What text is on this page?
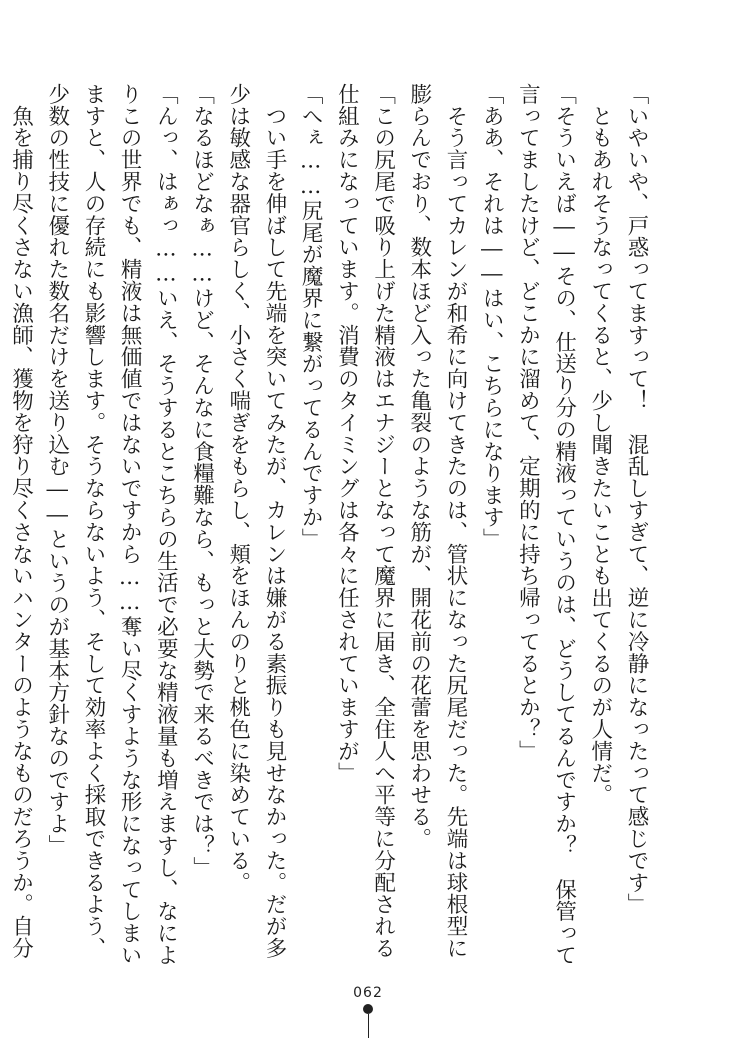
「いやいや、戸惑ってますって！　混乱しすぎて、逆に冷静になったって感じです」
　ともあれそうなってくると、少し聞きたいことも出てくるのが人情だ。
「そういえば――その、仕送り分の精液っていうのは、どうしてるんですか？　保管って
言ってましたけど、どこかに溜めて、定期的に持ち帰ってるとか？」
「ああ、それは――はい、こちらになります」
　そう言ってカレンが和希に向けてきたのは、管状になった尻尾だった。先端は球根型に
膨らんでおり、数本ほど入った亀裂のような筋が、開花前の花蕾を思わせる。
「この尻尾で吸り上げた精液はエナジーとなって魔界に届き、全住人へ平等に分配される
仕組みになっています。消費のタイミングは各々に任されていますが」
「へぇ……尻尾が魔界に繋がってるんですか」
　つい手を伸ばして先端を突いてみたが、カレンは嫌がる素振りも見せなかった。だが多
少は敏感な器官らしく、小さく喘ぎをもらし、頬をほんのりと桃色に染めている。
「なるほどなぁ……けど、そんなに食糧難なら、もっと大勢で来るべきでは？」
「んっ、はぁっ……いえ、そうするとこちらの生活で必要な精液量も増えますし、なによ
りこの世界でも、精液は無価値ではないですから……奪い尽くすような形になってしまい
ますと、人の存続にも影響します。そうならないよう、そして効率よく採取できるよう、
少数の性技に優れた数名だけを送り込む――というのが基本方針なのですよ」
　魚を捕り尽くさない漁師、獲物を狩り尽くさないハンターのようなものだろうか。自分
062
